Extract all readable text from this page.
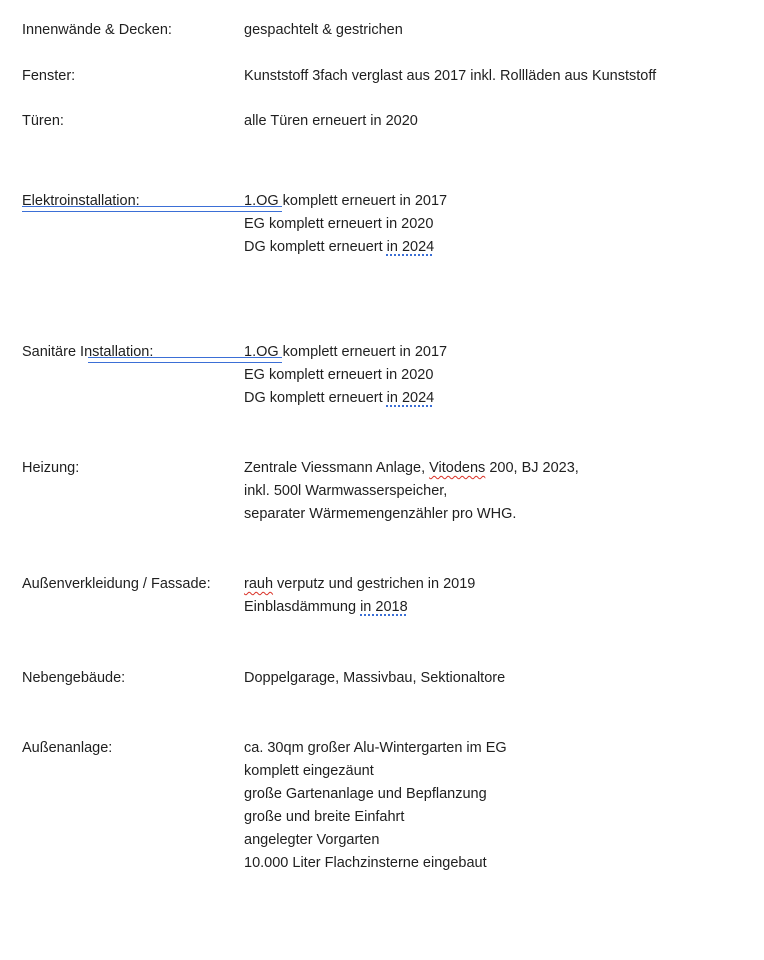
Innenwände & Decken:	gespachtelt & gestrichen
Fenster:	Kunststoff 3fach verglast aus 2017 inkl. Rollläden aus Kunststoff
Türen:	alle Türen erneuert in 2020
Elektroinstallation:	1.OG komplett erneuert in 2017
EG komplett erneuert in 2020
DG komplett erneuert in 2024
Sanitäre Installation:	1.OG komplett erneuert in 2017
EG komplett erneuert in 2020
DG komplett erneuert in 2024
Heizung:	Zentrale Viessmann Anlage, Vitodens 200, BJ 2023,
inkl. 500l Warmwasserspeicher,
separater Wärmemengenzähler pro WHG.
Außenverkleidung / Fassade: rauh verputz und gestrichen in 2019
Einblasdämmung in 2018
Nebengebäude:	Doppelgarage, Massivbau, Sektionaltore
Außenanlage:	ca. 30qm großer Alu-Wintergarten im EG
komplett eingezäunt
große Gartenanlage und Bepflanzung
große und breite Einfahrt
angelegter Vorgarten
10.000 Liter Flachzinsterne eingebaut
